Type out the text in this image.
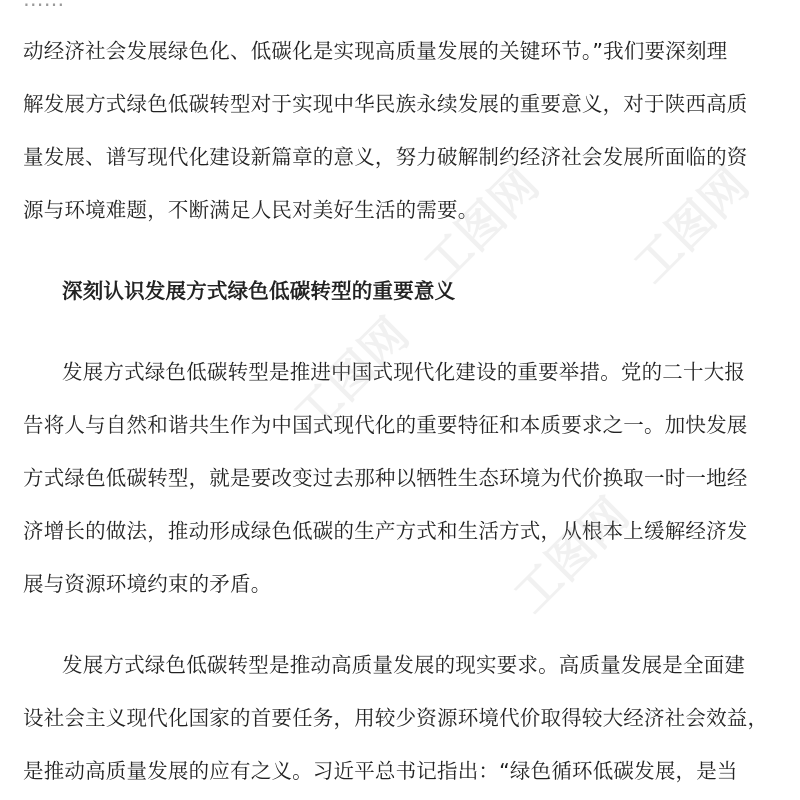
动经济社会发展绿色化、低碳化是实现高质量发展的关键环节。”我们要深刻理
解发展方式绿色低碳转型对于实现中华民族永续发展的重要意义，对于陕西高质
量发展、谱写现代化建设新篇章的意义，努力破解制约经济社会发展所面临的资
源与环境难题，不断满足人民对美好生活的需要。
深刻认识发展方式绿色低碳转型的重要意义
发展方式绿色低碳转型是推进中国式现代化建设的重要举措。党的二十大报
告将人与自然和谐共生作为中国式现代化的重要特征和本质要求之一。加快发展
方式绿色低碳转型，就是要改变过去那种以牺牲生态环境为代价换取一时一地经
济增长的做法，推动形成绿色低碳的生产方式和生活方式，从根本上缓解经济发
展与资源环境约束的矛盾。
发展方式绿色低碳转型是推动高质量发展的现实要求。高质量发展是全面建
设社会主义现代化国家的首要任务，用较少资源环境代价取得较大经济社会效益，
是推动高质量发展的应有之义。习近平总书记指出：“绿色循环低碳发展，是当
工图网 工图网
工图网
工图网
